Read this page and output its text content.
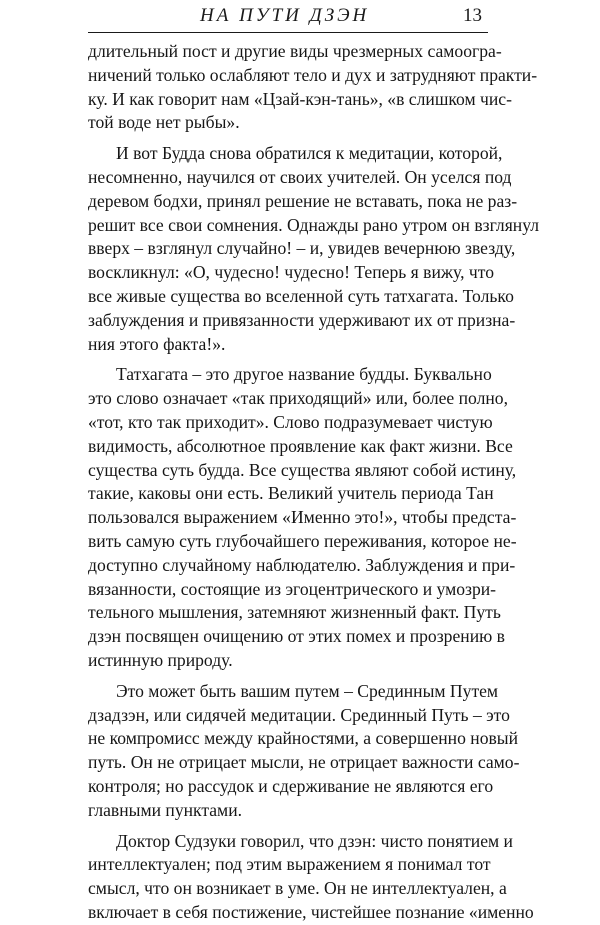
НА ПУТИ ДЗЭН	13
длительный пост и другие виды чрезмерных самоогра-
ничений только ослабляют тело и дух и затрудняют практи-
ку. И как говорит нам «Цзай-кэн-тань», «в слишком чис-
той воде нет рыбы».
И вот Будда снова обратился к медитации, которой,
несомненно, научился от своих учителей. Он уселся под
деревом бодхи, принял решение не вставать, пока не раз-
решит все свои сомнения. Однажды рано утром он взглянул
вверх – взглянул случайно! – и, увидев вечернюю звезду,
воскликнул: «О, чудесно! чудесно! Теперь я вижу, что
все живые существа во вселенной суть татхагата. Только
заблуждения и привязанности удерживают их от призна-
ния этого факта!».
Татхагата – это другое название будды. Буквально
это слово означает «так приходящий» или, более полно,
«тот, кто так приходит». Слово подразумевает чистую
видимость, абсолютное проявление как факт жизни. Все
существа суть будда. Все существа являют собой истину,
такие, каковы они есть. Великий учитель периода Тан
пользовался выражением «Именно это!», чтобы предста-
вить самую суть глубочайшего переживания, которое не-
доступно случайному наблюдателю. Заблуждения и при-
вязанности, состоящие из эгоцентрического и умозри-
тельного мышления, затемняют жизненный факт. Путь
дзэн посвящен очищению от этих помех и прозрению в
истинную природу.
Это может быть вашим путем – Срединным Путем
дзадзэн, или сидячей медитации. Срединный Путь – это
не компромисс между крайностями, а совершенно новый
путь. Он не отрицает мысли, не отрицает важности само-
контроля; но рассудок и сдерживание не являются его
главными пунктами.
Доктор Судзуки говорил, что дзэн: чисто понятием и
интеллектуален; под этим выражением я понимал тот
смысл, что он возникает в уме. Он не интеллектуален, а
включает в себя постижение, чистейшее познание «именно
